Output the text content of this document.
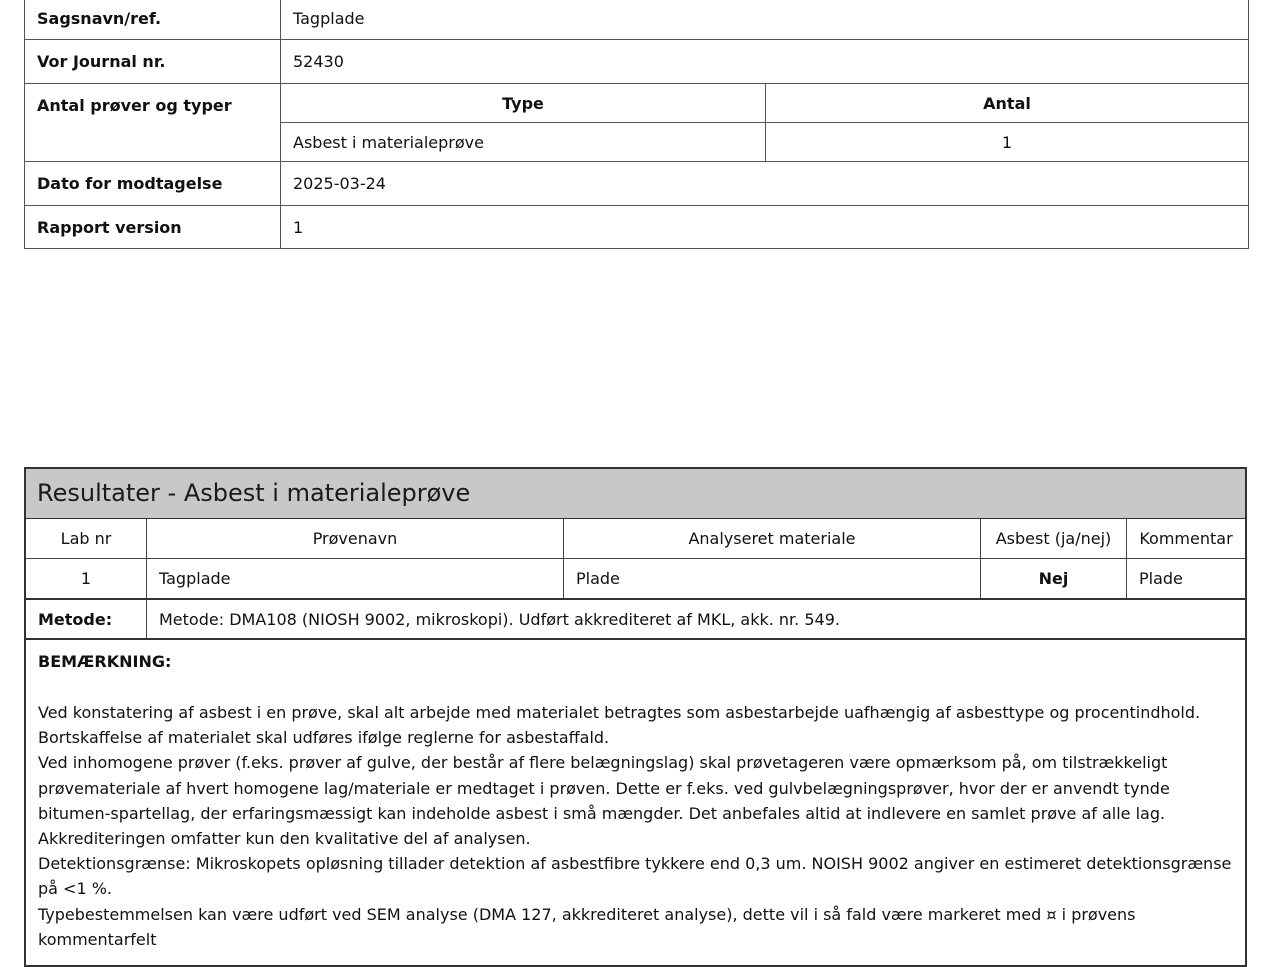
Sagsnavn/ref.	Tagplade
Vor Journal nr.	52430
Antal prøver og typer		Type	Antal
Asbest i materialeprøve	1

Dato for modtagelse	2025-03-24
Rapport version	1
Resultater - Asbest i materialeprøve
Lab nr	Prøvenavn	Analyseret materiale	Asbest (ja/nej)	Kommentar
1	Tagplade	Plade	Nej	Plade
Metode:	Metode: DMA108 (NIOSH 9002, mikroskopi). Udført akkrediteret af MKL, akk. nr. 549.			
BEMÆRKNING:

Ved konstatering af asbest i en prøve, skal alt arbejde med materialet betragtes som asbestarbejde uafhængig af asbesttype og procentindhold. Bortskaffelse af materialet skal udføres ifølge reglerne for asbestaffald.

Ved inhomogene prøver (f.eks. prøver af gulve, der består af flere belægningslag) skal prøvetageren være opmærksom på, om tilstrækkeligt prøvemateriale af hvert homogene lag/materiale er medtaget i prøven. Dette er f.eks. ved gulvbelægningsprøver, hvor der er anvendt tynde bitumen-spartellag, der erfaringsmæssigt kan indeholde asbest i små mængder. Det anbefales altid at indlevere en samlet prøve af alle lag.

Akkrediteringen omfatter kun den kvalitative del af analysen.

Detektionsgrænse: Mikroskopets opløsning tillader detektion af asbestfibre tykkere end 0,3 um. NOISH 9002 angiver en estimeret detektionsgrænse på <1 %.

Typebestemmelsen kan være udført ved SEM analyse (DMA 127, akkrediteret analyse), dette vil i så fald være markeret med ¤ i prøvens kommentarfelt
